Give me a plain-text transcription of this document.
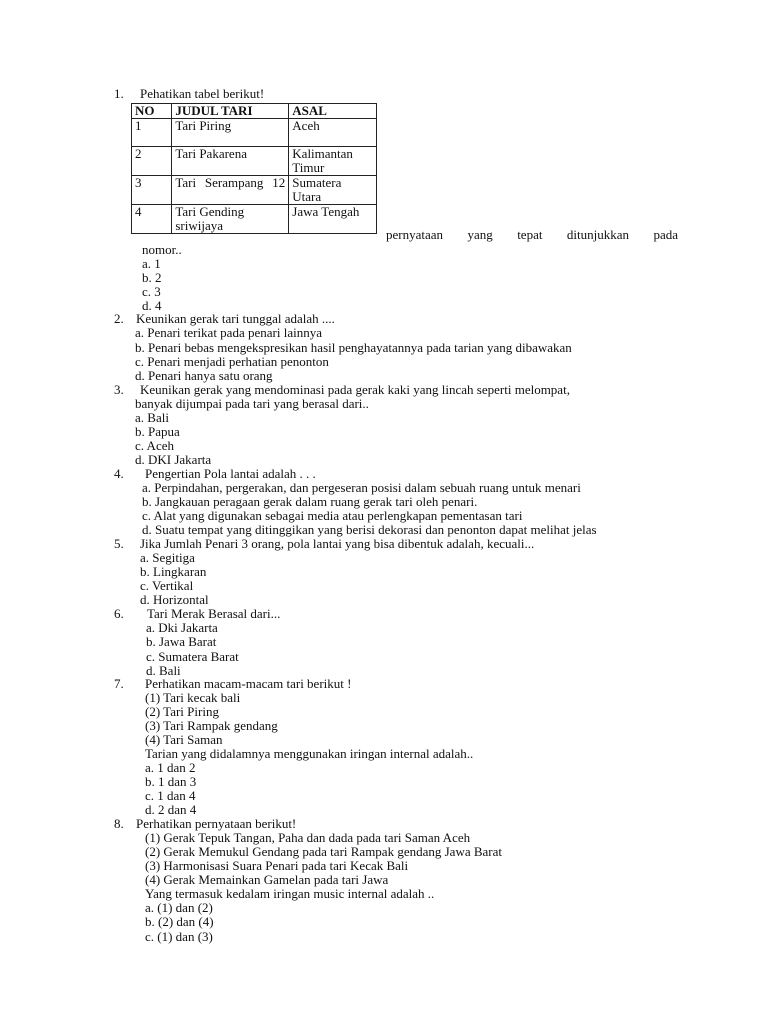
1. Pehatikan tabel berikut!
NO	JUDUL TARI	ASAL
1	Tari Piring	Aceh
2	Tari Pakarena	Kalimantan Timur
3	Tari Serampang 12	Sumatera Utara
4	Tari Gending sriwijaya	Jawa Tengah
pernyataan yang tepat ditunjukkan pada
nomor..
a. 1
b. 2
c. 3
d. 4
2. Keunikan gerak tari tunggal adalah ....
a. Penari terikat pada penari lainnya
b. Penari bebas mengekspresikan hasil penghayatannya pada tarian yang dibawakan
c. Penari menjadi perhatian penonton
d. Penari hanya satu orang
3. Keunikan gerak yang mendominasi pada gerak kaki yang lincah seperti melompat,
banyak dijumpai pada tari yang berasal dari..
a. Bali
b. Papua
c. Aceh
d. DKI Jakarta
4. Pengertian Pola lantai adalah . . .
a. Perpindahan, pergerakan, dan pergeseran posisi dalam sebuah ruang untuk menari
b. Jangkauan peragaan gerak dalam ruang gerak tari oleh penari.
c. Alat yang digunakan sebagai media atau perlengkapan pementasan tari
d. Suatu tempat yang ditinggikan yang berisi dekorasi dan penonton dapat melihat jelas
5. Jika Jumlah Penari 3 orang, pola lantai yang bisa dibentuk adalah, kecuali...
a. Segitiga
b. Lingkaran
c. Vertikal
d. Horizontal
6. Tari Merak Berasal dari...
a. Dki Jakarta
b. Jawa Barat
c. Sumatera Barat
d. Bali
7. Perhatikan macam-macam tari berikut !
(1) Tari kecak bali
(2) Tari Piring
(3) Tari Rampak gendang
(4) Tari Saman
Tarian yang didalamnya menggunakan iringan internal adalah..
a. 1 dan 2
b. 1 dan 3
c. 1 dan 4
d. 2 dan 4
8. Perhatikan pernyataan berikut!
(1) Gerak Tepuk Tangan, Paha dan dada pada tari Saman Aceh
(2) Gerak Memukul Gendang pada tari Rampak gendang Jawa Barat
(3) Harmonisasi Suara Penari pada tari Kecak Bali
(4) Gerak Memainkan Gamelan pada tari Jawa
Yang termasuk kedalam iringan music internal adalah ..
a. (1) dan (2)
b. (2) dan (4)
c. (1) dan (3)
